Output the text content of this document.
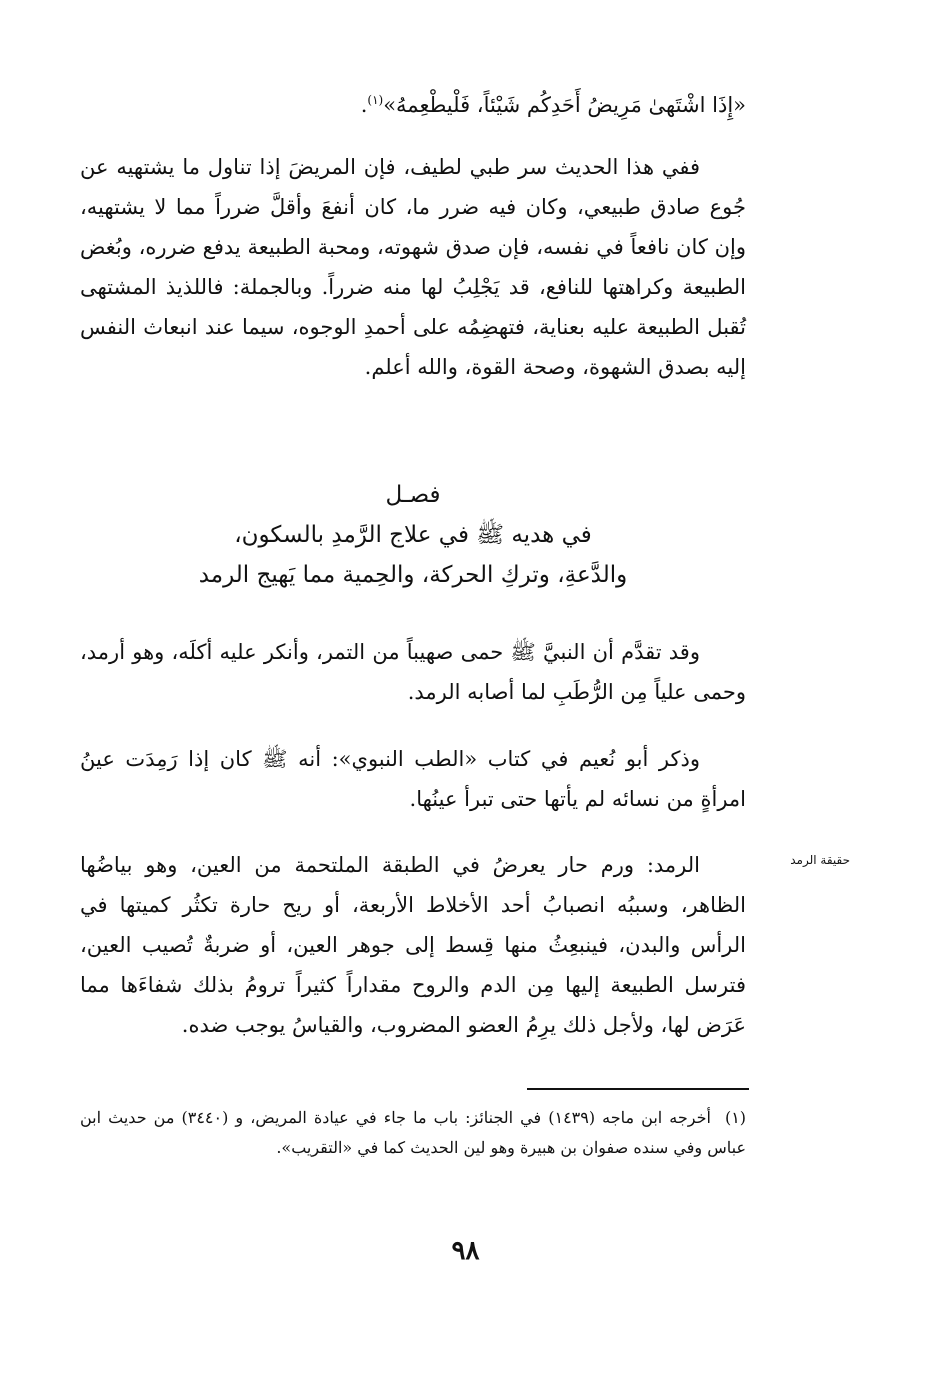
«إِذَا اشْتَهىٰ مَرِيضُ أَحَدِكُم شَيْئاً، فَلْيطْعِمهُ»$^{(١)}$.
ففي هذا الحديث سر طبي لطيف، فإن المريضَ إذا تناول ما يشتهيه عن جُوع صادق طبيعي، وكان فيه ضرر ما، كان أنفعَ وأقلَّ ضرراً مما لا يشتهيه، وإن كان نافعاً في نفسه، فإن صدق شهوته، ومحبة الطبيعة يدفع ضرره، وبُغض الطبيعة وكراهتها للنافع، قد يَجْلِبُ لها منه ضرراً. وبالجملة: فاللذيذ المشتهى تُقبل الطبيعة عليه بعناية، فتهضِمُه على أحمدِ الوجوه، سيما عند انبعاث النفس إليه بصدق الشهوة، وصحة القوة، والله أعلم.
فصـل
في هديه ﷺ في علاج الرَّمدِ بالسكون،
والدَّعةِ، وتركِ الحركة، والحِمية مما يَهيج الرمد
وقد تقدَّم أن النبيَّ ﷺ حمى صهيباً من التمر، وأنكر عليه أكلَه، وهو أرمد، وحمى علياً مِن الرُّطَبِ لما أصابه الرمد.
وذكر أبو نُعيم في كتاب «الطب النبوي»: أنه ﷺ كان إذا رَمِدَت عينُ امرأةٍ من نسائه لم يأتها حتى تبرأ عينُها.
حقيقة الرمد
الرمد: ورم حار يعرضُ في الطبقة الملتحمة من العين، وهو بياضُها الظاهر، وسببُه انصبابُ أحد الأخلاط الأربعة، أو ريح حارة تكثُر كميتها في الرأس والبدن، فينبعِثُ منها قِسط إلى جوهر العين، أو ضربةٌ تُصيب العين، فترسل الطبيعة إليها مِن الدم والروح مقداراً كثيراً ترومُ بذلك شفاءَها مما عَرَض لها، ولأجل ذلك يرِمُ العضو المضروب، والقياسُ يوجب ضده.
(١)أخرجه ابن ماجه (١٤٣٩) في الجنائز: باب ما جاء في عيادة المريض، و (٣٤٤٠) من حديث ابن عباس وفي سنده صفوان بن هبيرة وهو لين الحديث كما في «التقريب».
٩٨
